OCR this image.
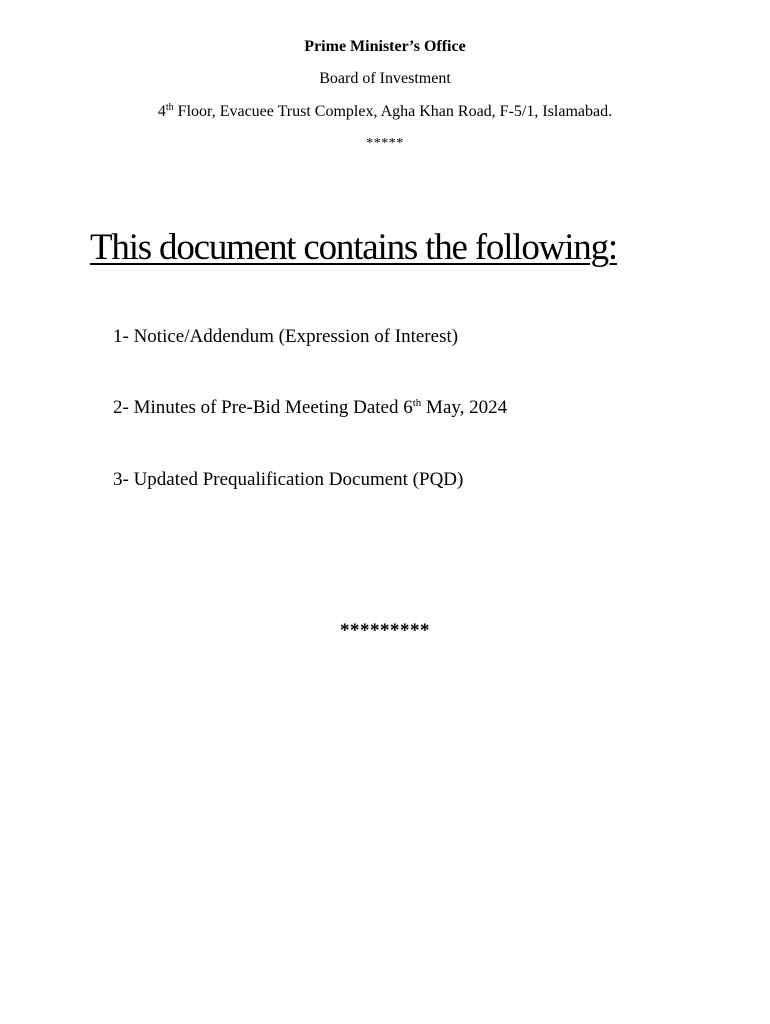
Prime Minister’s Office
Board of Investment
4th Floor, Evacuee Trust Complex, Agha Khan Road, F-5/1, Islamabad.
*****
This document contains the following:
1- Notice/Addendum (Expression of Interest)
2- Minutes of Pre-Bid Meeting Dated 6th May, 2024
3- Updated Prequalification Document (PQD)
*********
